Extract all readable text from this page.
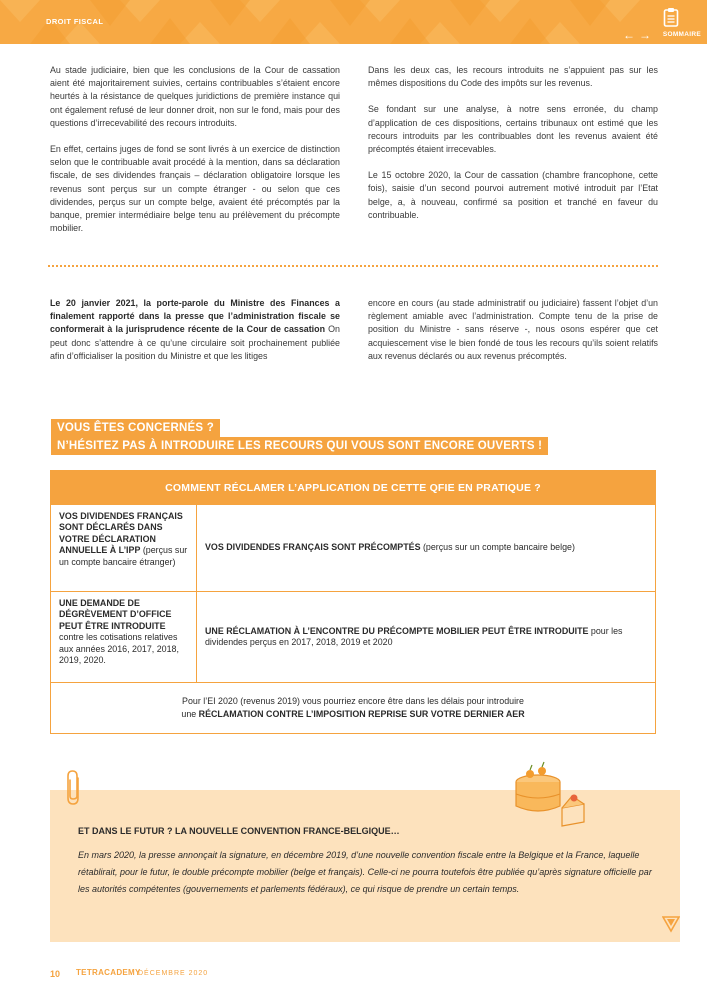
DROIT FISCAL
←→ SOMMAIRE

Au stade judiciaire, bien que les conclusions de la Cour de cassation aient été majoritairement suivies, certains contribuables s’étaient encore heurtés à la résistance de quelques juridictions de première instance qui ont également refusé de leur donner droit, non sur le fond, mais pour des questions d’irrecevabilité des recours introduits.

En effet, certains juges de fond se sont livrés à un exercice de distinction selon que le contribuable avait procédé à la mention, dans sa déclaration fiscale, de ses dividendes français – déclaration obligatoire lorsque les revenus sont perçus sur un compte étranger - ou selon que ces dividendes, perçus sur un compte belge, avaient été précomptés par la banque, premier intermédiaire belge tenu au prélèvement du précompte mobilier.

Dans les deux cas, les recours introduits ne s’appuient pas sur les mêmes dispositions du Code des impôts sur les revenus.

Se fondant sur une analyse, à notre sens erronée, du champ d’application de ces dispositions, certains tribunaux ont estimé que les recours introduits par les contribuables dont les revenus avaient été précomptés étaient irrecevables.

Le 15 octobre 2020, la Cour de cassation (chambre francophone, cette fois), saisie d’un second pourvoi autrement motivé introduit par l’Etat belge, a, à nouveau, confirmé sa position et tranché en faveur du contribuable.

Le 20 janvier 2021, la porte-parole du Ministre des Finances a finalement rapporté dans la presse que l’administration fiscale se conformerait à la jurisprudence récente de la Cour de cassation On peut donc s’attendre à ce qu’une circulaire soit prochainement publiée afin d’officialiser la position du Ministre et que les litiges
encore en cours (au stade administratif ou judiciaire) fassent l’objet d’un règlement amiable avec l’administration. Compte tenu de la prise de position du Ministre - sans réserve -, nous osons espérer que cet acquiescement vise le bien fondé de tous les recours qu’ils soient relatifs aux revenus déclarés ou aux revenus précomptés.
VOUS ÊTES CONCERNÉS ?
N’HÉSITEZ PAS À INTRODUIRE LES RECOURS QUI VOUS SONT ENCORE OUVERTS !
COMMENT RÉCLAMER L’APPLICATION DE CETTE QFIE EN PRATIQUE ?
VOS DIVIDENDES FRANÇAIS SONT DÉCLARÉS DANS VOTRE DÉCLARATION ANNUELLE À L’IPP (perçus sur un compte bancaire étranger)
VOS DIVIDENDES FRANÇAIS SONT PRÉCOMPTÉS (perçus sur un compte bancaire belge)
UNE DEMANDE DE DÉGRÈVEMENT D’OFFICE PEUT ÊTRE INTRODUITE contre les cotisations relatives aux années 2016, 2017, 2018, 2019, 2020.
UNE RÉCLAMATION À L’ENCONTRE DU PRÉCOMPTE MOBILIER PEUT ÊTRE INTRODUITE pour les dividendes perçus en 2017, 2018, 2019 et 2020
Pour l’EI 2020 (revenus 2019) vous pourriez encore être dans les délais pour introduire
une RÉCLAMATION CONTRE L’IMPOSITION REPRISE SUR VOTRE DERNIER AER
ET DANS LE FUTUR ? LA NOUVELLE CONVENTION FRANCE-BELGIQUE…
En mars 2020, la presse annonçait la signature, en décembre 2019, d’une nouvelle convention fiscale entre la Belgique et la France, laquelle rétablirait, pour le futur, le double précompte mobilier (belge et français). Celle-ci ne pourra toutefois être publiée qu’après signature officielle par les autorités compétentes (gouvernements et parlements fédéraux), ce qui risque de prendre un certain temps.
10 TETRACADEMY
DÉCEMBRE 2020
